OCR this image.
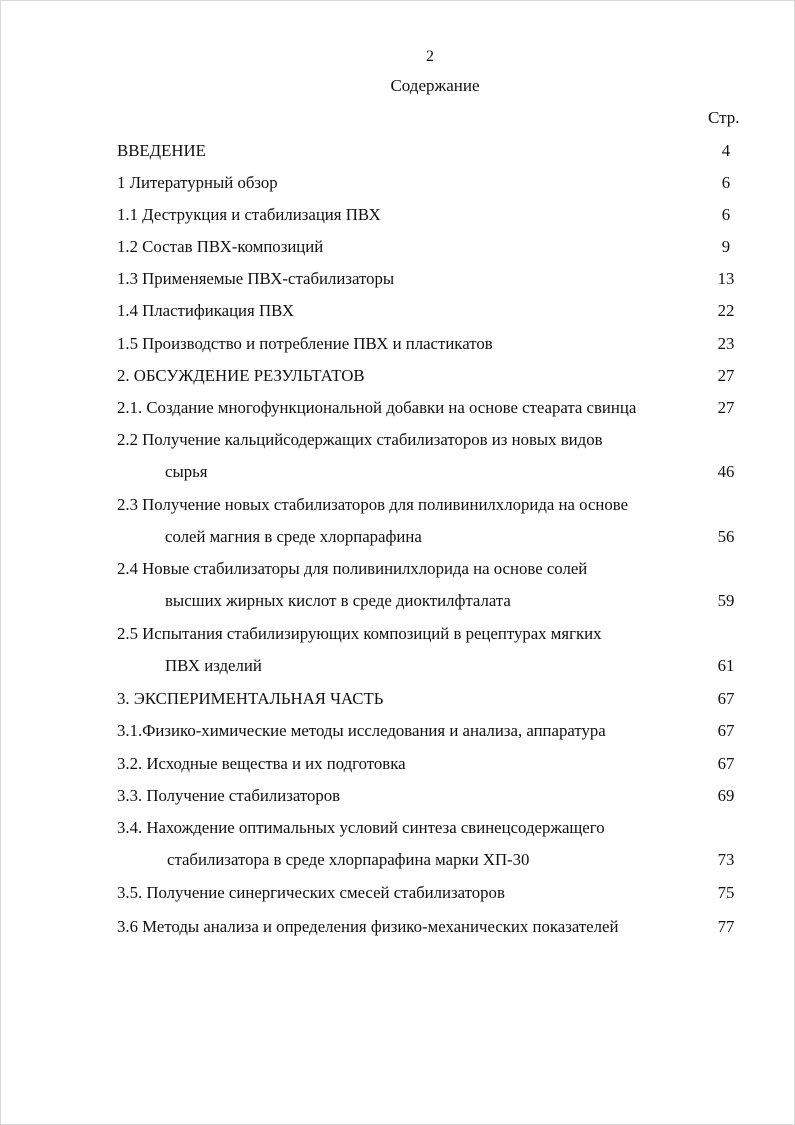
2
Содержание
Стр.
ВВЕДЕНИЕ	4
1 Литературный обзор	6
1.1 Деструкция и стабилизация ПВХ	6
1.2 Состав ПВХ-композиций	9
1.3 Применяемые ПВХ-стабилизаторы	13
1.4 Пластификация ПВХ	22
1.5 Производство и потребление ПВХ и пластикатов	23
2. ОБСУЖДЕНИЕ РЕЗУЛЬТАТОВ	27
2.1. Создание многофункциональной добавки на основе стеарата свинца	27
2.2 Получение кальцийсодержащих стабилизаторов из новых видов
сырья	46
2.3 Получение новых стабилизаторов для поливинилхлорида на основе
солей магния в среде хлорпарафина	56
2.4 Новые стабилизаторы для поливинилхлорида на основе солей
высших жирных кислот в среде диоктилфталата	59
2.5 Испытания стабилизирующих композиций в рецептурах мягких
ПВХ изделий	61
3. ЭКСПЕРИМЕНТАЛЬНАЯ ЧАСТЬ	67
3.1.Физико-химические методы исследования и анализа, аппаратура	67
3.2. Исходные вещества и их подготовка	67
3.3. Получение стабилизаторов	69
3.4. Нахождение оптимальных условий синтеза свинецсодержащего
стабилизатора в среде хлорпарафина марки ХП-30	73
3.5. Получение синергических смесей стабилизаторов	75
3.6 Методы анализа и определения физико-механических показателей	77
